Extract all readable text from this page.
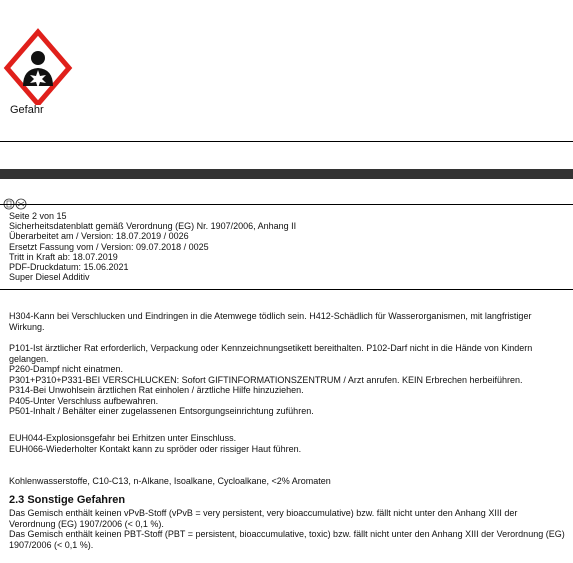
Gefahr
Seite 2 von 15
Sicherheitsdatenblatt gemäß Verordnung (EG) Nr. 1907/2006, Anhang II
Überarbeitet am / Version: 18.07.2019 / 0026
Ersetzt Fassung vom / Version: 09.07.2018 / 0025
Tritt in Kraft ab: 18.07.2019
PDF-Druckdatum: 15.06.2021
Super Diesel Additiv
H304-Kann bei Verschlucken und Eindringen in die Atemwege tödlich sein. H412-Schädlich für Wasserorganismen, mit langfristiger Wirkung.
P101-Ist ärztlicher Rat erforderlich, Verpackung oder Kennzeichnungsetikett bereithalten. P102-Darf nicht in die Hände von Kindern gelangen.
P260-Dampf nicht einatmen.
P301+P310+P331-BEI VERSCHLUCKEN: Sofort GIFTINFORMATIONSZENTRUM / Arzt anrufen. KEIN Erbrechen herbeiführen.
P314-Bei Unwohlsein ärztlichen Rat einholen / ärztliche Hilfe hinzuziehen.
P405-Unter Verschluss aufbewahren.
P501-Inhalt / Behälter einer zugelassenen Entsorgungseinrichtung zuführen.
EUH044-Explosionsgefahr bei Erhitzen unter Einschluss.
EUH066-Wiederholter Kontakt kann zu spröder oder rissiger Haut führen.
Kohlenwasserstoffe, C10-C13, n-Alkane, Isoalkane, Cycloalkane, <2% Aromaten
2.3 Sonstige Gefahren
Das Gemisch enthält keinen vPvB-Stoff (vPvB = very persistent, very bioaccumulative) bzw. fällt nicht unter den Anhang XIII der Verordnung (EG) 1907/2006 (< 0,1 %).
Das Gemisch enthält keinen PBT-Stoff (PBT = persistent, bioaccumulative, toxic) bzw. fällt nicht unter den Anhang XIII der Verordnung (EG) 1907/2006 (< 0,1 %).
